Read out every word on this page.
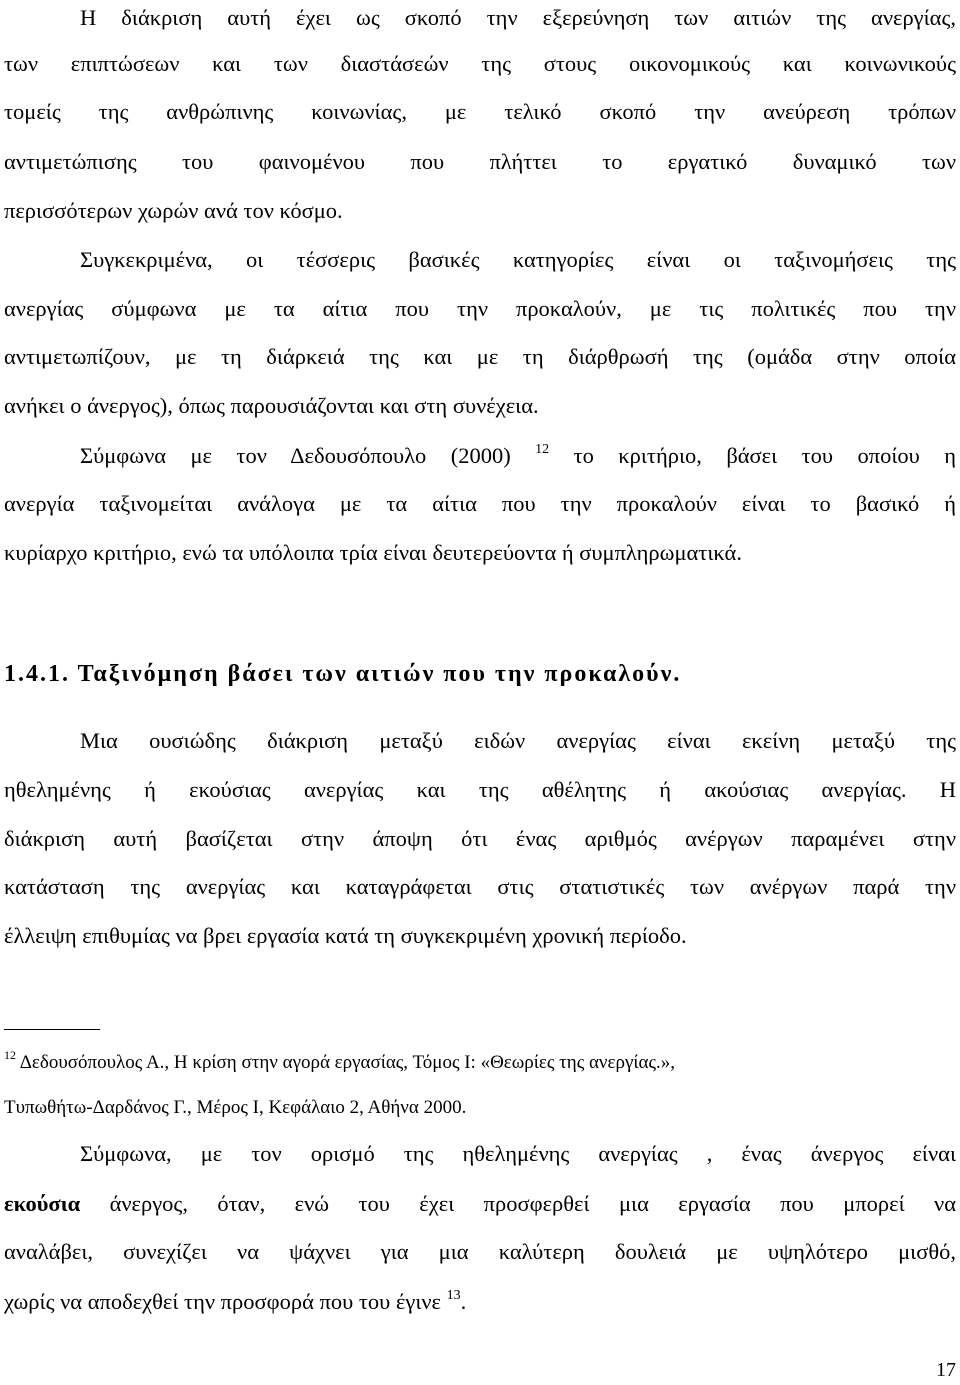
Η διάκριση αυτή έχει ως σκοπό την εξερεύνηση των αιτιών της ανεργίας,
των επιπτώσεων και των διαστάσεών της στους οικονομικούς και κοινωνικούς
τομείς της ανθρώπινης κοινωνίας, με τελικό σκοπό την ανεύρεση τρόπων
αντιμετώπισης του φαινομένου που πλήττει το εργατικό δυναμικό των
περισσότερων χωρών ανά τον κόσμο.
Συγκεκριμένα, οι τέσσερις βασικές κατηγορίες είναι οι ταξινομήσεις της
ανεργίας σύμφωνα με τα αίτια που την προκαλούν, με τις πολιτικές που την
αντιμετωπίζουν, με τη διάρκειά της και με τη διάρθρωσή της (ομάδα στην οποία
ανήκει ο άνεργος), όπως παρουσιάζονται και στη συνέχεια.
Σύμφωνα με τον Δεδουσόπουλο (2000) $^{12}$ το κριτήριο, βάσει του οποίου η
ανεργία ταξινομείται ανάλογα με τα αίτια που την προκαλούν είναι το βασικό ή
κυρίαρχο κριτήριο, ενώ τα υπόλοιπα τρία είναι δευτερεύοντα ή συμπληρωματικά.
1.4.1. Ταξινόμηση βάσει των αιτιών που την προκαλούν.
Μια ουσιώδης διάκριση μεταξύ ειδών ανεργίας είναι εκείνη μεταξύ της
ηθελημένης ή εκούσιας ανεργίας και της αθέλητης ή ακούσιας ανεργίας. Η
διάκριση αυτή βασίζεται στην άποψη ότι ένας αριθμός ανέργων παραμένει στην
κατάσταση της ανεργίας και καταγράφεται στις στατιστικές των ανέργων παρά την
έλλειψη επιθυμίας να βρει εργασία κατά τη συγκεκριμένη χρονική περίοδο.
$^{12}$ Δεδουσόπουλος Α., Η κρίση στην αγορά εργασίας, Τόμος Ι: «Θεωρίες της ανεργίας.»,
Τυπωθήτω-Δαρδάνος Γ., Μέρος Ι, Κεφάλαιο 2, Αθήνα 2000.
Σύμφωνα, με τον ορισμό της ηθελημένης ανεργίας , ένας άνεργος είναι
εκούσια άνεργος, όταν, ενώ του έχει προσφερθεί μια εργασία που μπορεί να
αναλάβει, συνεχίζει να ψάχνει για μια καλύτερη δουλειά με υψηλότερο μισθό,
χωρίς να αποδεχθεί την προσφορά που του έγινε $^{13}$.
17
